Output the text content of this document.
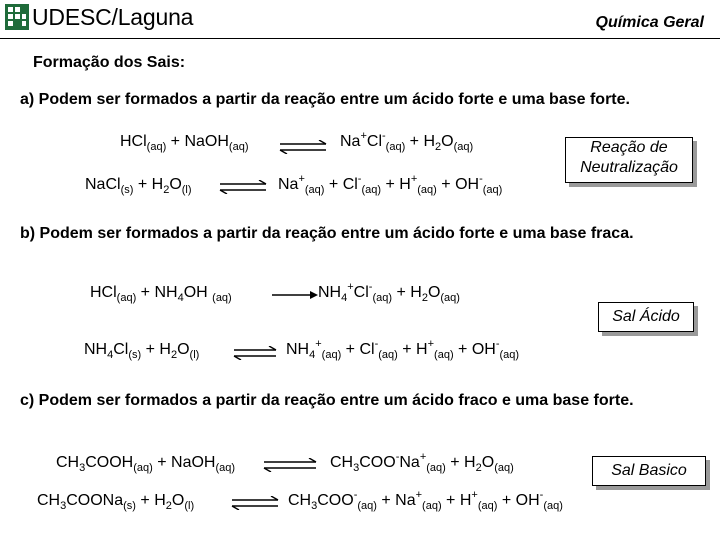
UDESC/Laguna	Química Geral
Formação dos Sais:
a) Podem ser formados a partir da reação entre um ácido forte e uma base forte.
HCl$_{(aq)}$ + NaOH$_{(aq)}$ ⇌ $Na^+Cl^-_{(aq)} + H_2O_{(aq)}$
NaCl$_{(s)}$ + $H_2O_{(l)}$ ⇌ $Na^+_{(aq)} + Cl^-_{(aq)} + H^+_{(aq)} + OH^-_{(aq)}$
Reação de Neutralização
b) Podem ser formados a partir da reação entre um ácido forte e uma base fraca.
$HCl_{(aq)} + NH_4OH$ $_{(aq)}$	$NH_4^+Cl^-_{(aq)} + H_2O_{(aq)}$
$NH_4Cl_{(s)} + H_2O_{(l)}$ ⇌ $NH_4^+_{(aq)} + Cl^-_{(aq)} + H^+_{(aq)} + OH^-_{(aq)}$
Sal Ácido
c) Podem ser formados a partir da reação entre um ácido fraco e uma base forte.
$CH_3COOH_{(aq)}$ + NaOH$_{(aq)}$ ⇌ $CH_3COO^-Na^+_{(aq)} + H_2O_{(aq)}$
$CH_3COONa_{(s)} + H_2O_{(l)}$ ⇌ $CH_3COO^-_{(aq)} + Na^+_{(aq)} + H^+_{(aq)} + OH^-_{(aq)}$
Sal Basico
